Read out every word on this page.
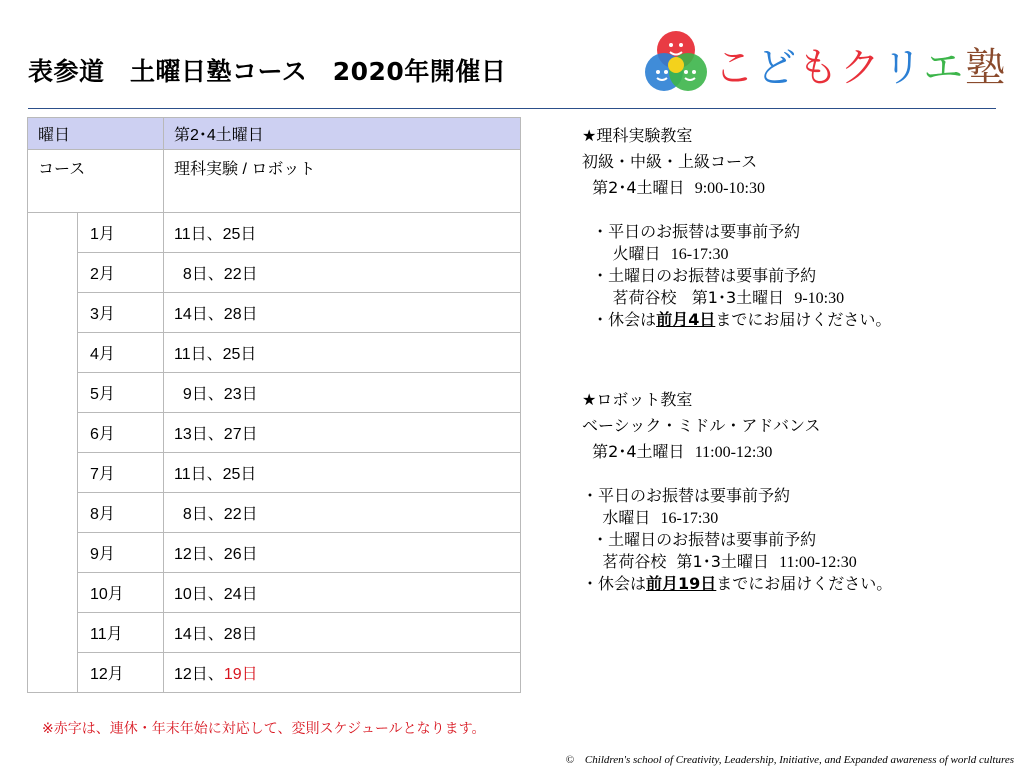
表参道　土曜日塾コース　2020年開催日	こどもクリエ塾
曜日		第2･4土曜日
コース		理科実験 / ロボット
	1月	11日、25日
	2月	8日、22日
	3月	14日、28日
	4月	11日、25日
	5月	9日、23日
	6月	13日、27日
	7月	11日、25日
	8月	8日、22日
	9月	12日、26日
	10月	10日、24日
	11月	14日、28日
	12月	12日、19日
★理科実験教室
初級・中級・上級コース
第2･4土曜日 9:00-10:30
・平日のお振替は要事前予約
火曜日 16-17:30
・土曜日のお振替は要事前予約
茗荷谷校 第1･3土曜日 9-10:30
・休会は前月4日までにお届けください。
★ロボット教室
ベーシック・ミドル・アドバンス
第2･4土曜日 11:00-12:30
・平日のお振替は要事前予約
水曜日 16-17:30
・土曜日のお振替は要事前予約
茗荷谷校 第1･3土曜日 11:00-12:30
・休会は前月19日までにお届けください。
※赤字は、連休・年末年始に対応して、変則スケジュールとなります。
©　Children's school of Creativity, Leadership, Initiative, and Expanded awareness of world cultures
